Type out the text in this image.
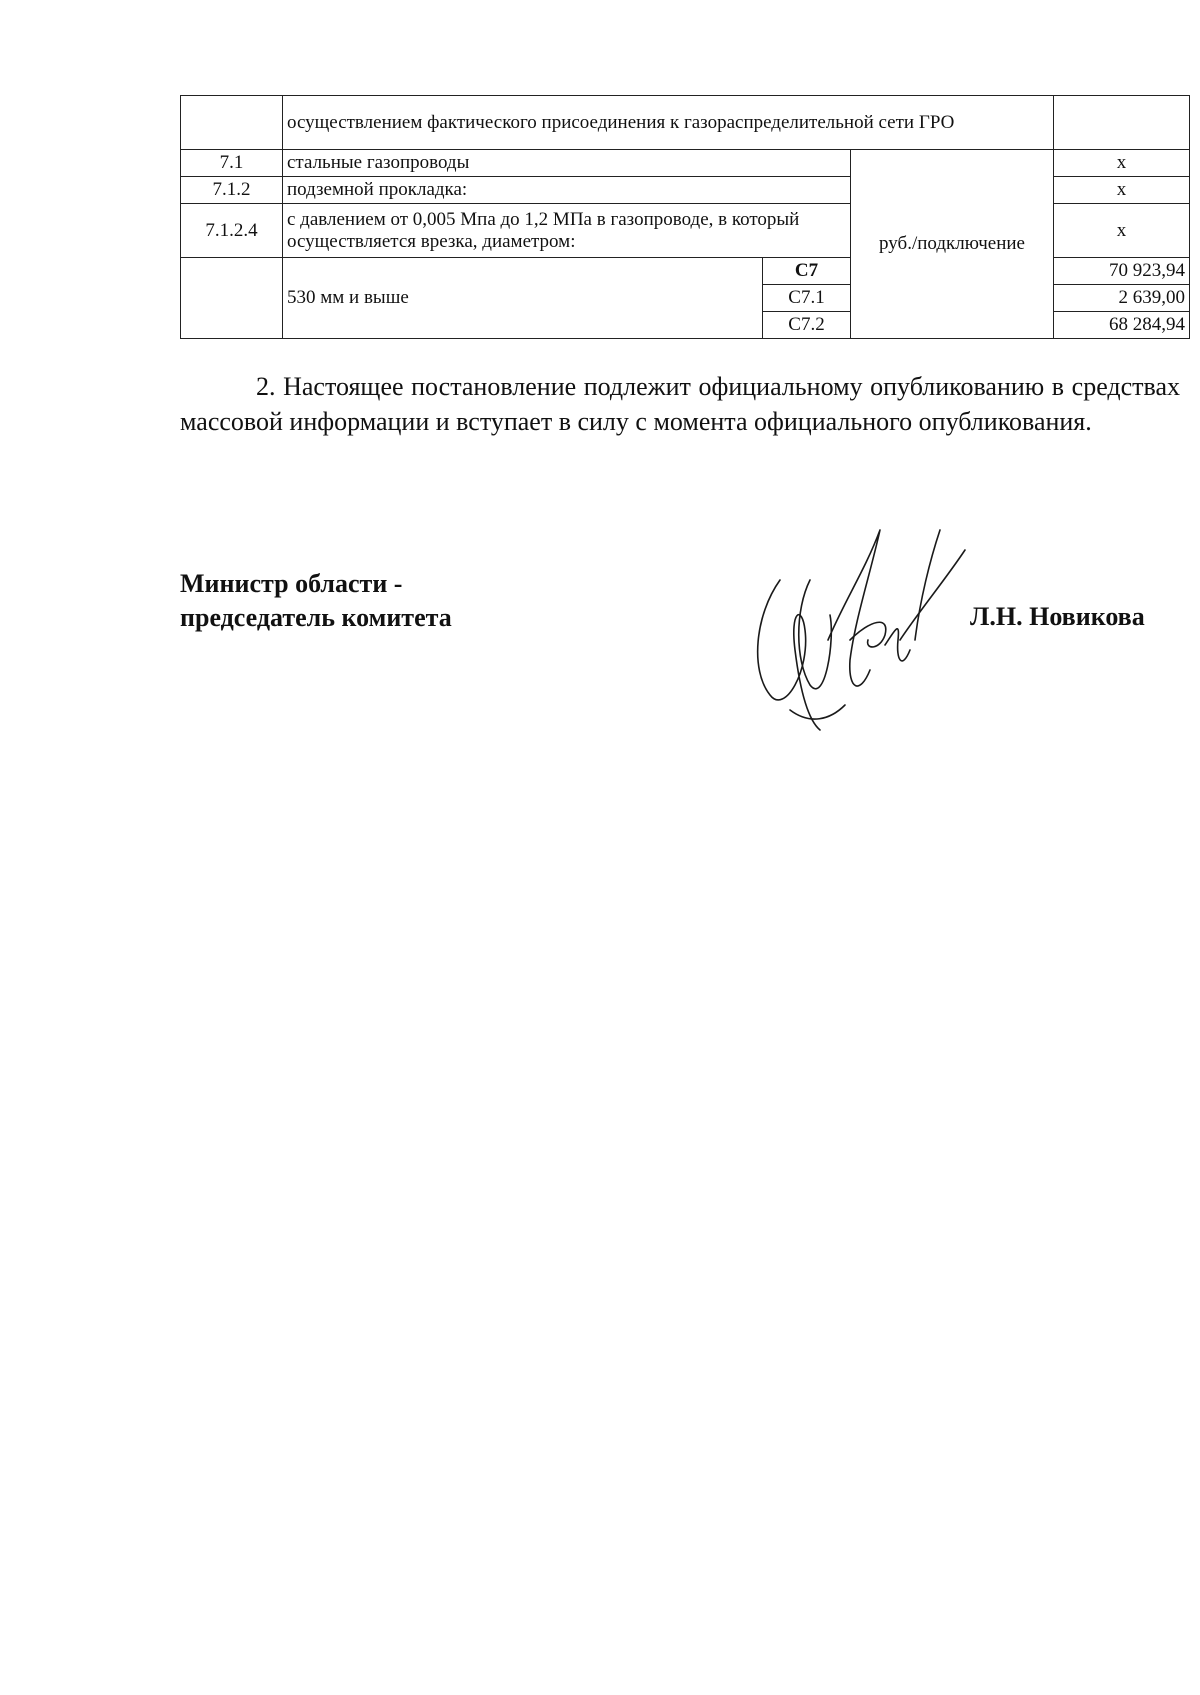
	осуществлением фактического присоединения к газораспределительной сети ГРО			
7.1	стальные газопроводы		руб./подключение	x
7.1.2	подземной прокладка:			x
7.1.2.4	с давлением от 0,005 Мпа до 1,2 МПа в газопроводе, в который осуществляется врезка, диаметром:			x
	530 мм и выше	С7		70 923,94
		С7.1		2 639,00
		С7.2		68 284,94

2. Настоящее постановление подлежит официальному опубликованию в средствах массовой информации и вступает в силу с момента официального опубликования.

Министр области -
председатель комитета	Л.Н. Новикова
